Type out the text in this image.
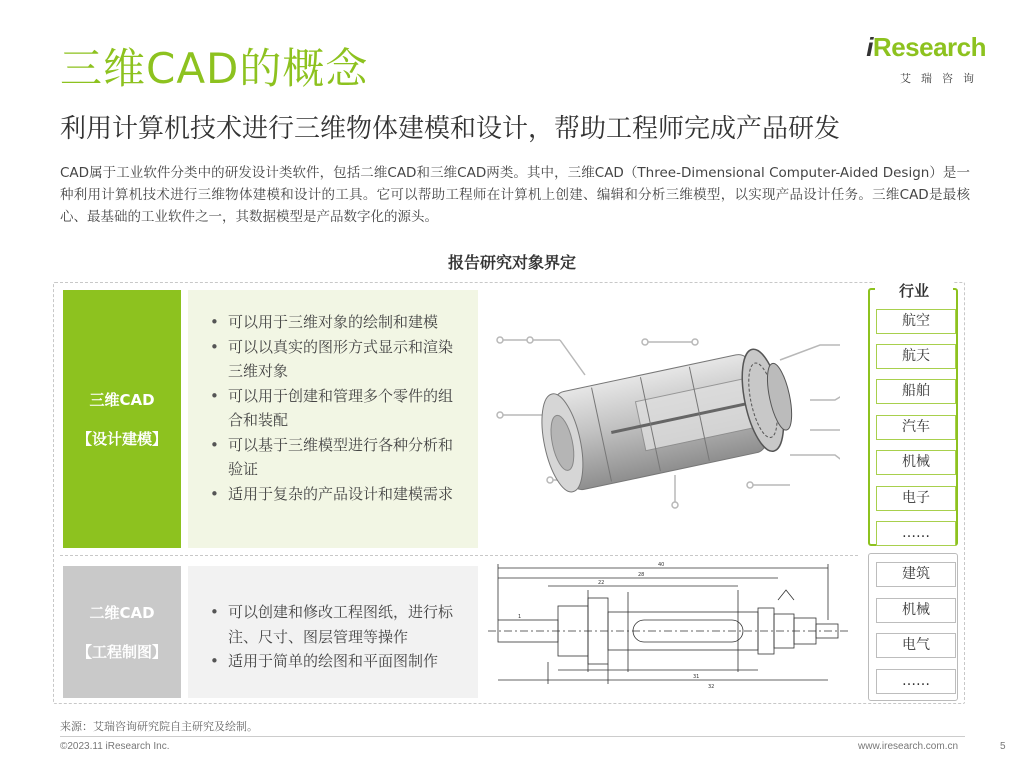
三维CAD的概念
利用计算机技术进行三维物体建模和设计，帮助工程师完成产品研发
iResearch
艾瑞咨询
CAD属于工业软件分类中的研发设计类软件，包括二维CAD和三维CAD两类。其中，三维CAD（Three-Dimensional Computer-Aided Design）是一种利用计算机技术进行三维物体建模和设计的工具。它可以帮助工程师在计算机上创建、编辑和分析三维模型，以实现产品设计任务。三维CAD是最核心、最基础的工业软件之一，其数据模型是产品数字化的源头。
报告研究对象界定
三维CAD
【设计建模】
• 可以用于三维对象的绘制和建模
• 可以以真实的图形方式显示和渲染三维对象
• 可以用于创建和管理多个零件的组合和装配
• 可以基于三维模型进行各种分析和验证
• 适用于复杂的产品设计和建模需求
二维CAD
【工程制图】
• 可以创建和修改工程图纸，进行标注、尺寸、图层管理等操作
• 适用于简单的绘图和平面图制作
40
28
22
1
31
32
行业
航空
航天
船舶
汽车
机械
电子
……
建筑
机械
电气
……
来源：艾瑞咨询研究院自主研究及绘制。
©2023.11 iResearch Inc.	www.iresearch.com.cn	5
